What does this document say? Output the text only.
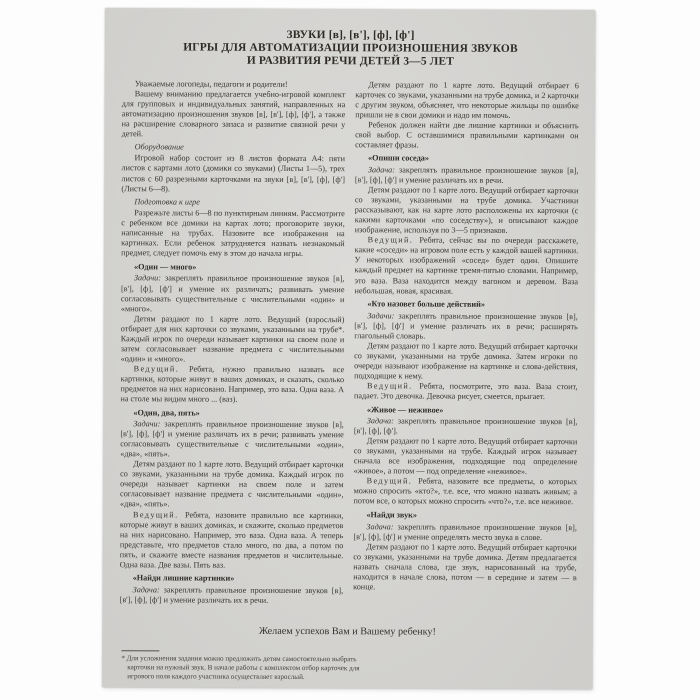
ЗВУКИ [в], [в'], [ф], [ф']
ИГРЫ ДЛЯ АВТОМАТИЗАЦИИ ПРОИЗНОШЕНИЯ ЗВУКОВ
И РАЗВИТИЯ РЕЧИ ДЕТЕЙ 3—5 ЛЕТ

Уважаемые логопеды, педагоги и родители!

Вашему вниманию предлагается учебно-игровой комплект для групповых и индивидуальных занятий, направленных на автоматизацию произношения звуков [в], [в'], [ф], [ф'], а также на расширение словарного запаса и развитие связной речи у детей.

Оборудование

Игровой набор состоит из 8 листов формата А4: пяти листов с картами лото (домики со звуками) (Листы 1—5), трех листов с 60 разрезными карточками на звуки [в], [в'], [ф], [ф'] (Листы 6—8).

Подготовка к игре

Разрежьте листы 6—8 по пунктирным линиям. Рассмотрите с ребенком все домики на картах лото; проговорите звуки, написанные на трубах. Назовите все изображения на картинках. Если ребенок затрудняется назвать незнакомый предмет, следует помочь ему в этом до начала игры.

«Один — много»

Задачи: закреплять правильное произношение звуков [в], [в'], [ф], [ф'] и умение их различать; развивать умение согласовывать существительные с числительными «один» и «много».

Детям раздают по 1 карте лото. Ведущий (взрослый) отбирает для них карточки со звуками, указанными на трубе*. Каждый игрок по очереди называет картинки на своем поле и затем согласовывает название предмета с числительными «один» и «много».

Ведущий. Ребята, нужно правильно назвать все картинки, которые живут в ваших домиках, и сказать, сколько предметов на них нарисовано. Например, это ваза. Одна ваза. А на столе мы видим много ... (ваз).

«Один, два, пять»

Задачи: закреплять правильное произношение звуков [в], [в'], [ф], [ф'] и умение различать их в речи; развивать умение согласовывать существительные с числительными «один», «два», «пять».

Детям раздают по 1 карте лото. Ведущий отбирает карточки со звуками, указанными на трубе домика. Каждый игрок по очереди называет картинки на своем поле и затем согласовывает название предмета с числительными «один», «два», «пять».

Ведущий. Ребята, назовите правильно все картинки, которые живут в ваших домиках, и скажите, сколько предметов на них нарисовано. Например, это ваза. Одна ваза. А теперь представьте, что предметов стало много, по два, а потом по пять, и скажите вместе названия предметов и числительные. Одна ваза. Две вазы. Пять ваз.

«Найди лишние картинки»

Задача: закреплять правильное произношение звуков [в], [в'], [ф], [ф'] и умение различать их в речи.

Детям раздают по 1 карте лото. Ведущий отбирает 6 карточек со звуками, указанными на трубе домика, и 2 карточки с другим звуком, объясняет, что некоторые жильцы по ошибке пришли не в свои домики и надо им помочь.

Ребенок должен найти две лишние картинки и объяснить свой выбор. С оставшимися правильными картинками он составляет фразы.

«Опиши соседа»

Задача: закреплять правильное произношение звуков [в], [в'], [ф], [ф'] и умение различать их в речи.

Детям раздают по 1 карте лото. Ведущий отбирает карточки со звуками, указанными на трубе домика. Участники рассказывают, как на карте лото расположены их карточки (с какими карточками «по соседству»), и описывают каждое изображение, используя по 3—5 признаков.

Ведущий. Ребята, сейчас вы по очереди расскажете, какие «соседи» на игровом поле есть у каждой вашей картинки. У некоторых изображений «сосед» будет один. Опишите каждый предмет на картинке тремя-пятью словами. Например, это ваза. Ваза находится между вагоном и деревом. Ваза небольшая, новая, красивая.

«Кто назовет больше действий»

Задачи: закреплять правильное произношение звуков [в], [в'], [ф], [ф'] и умение различать их в речи; расширять глагольный словарь.

Детям раздают по 1 карте лото. Ведущий отбирает карточки со звуками, указанными на трубе домика. Затем игроки по очереди называют изображение на картинке и слова-действия, подходящие к нему.

Ведущий. Ребята, посмотрите, это ваза. Ваза стоит, падает. Это девочка. Девочка рисует, смеется, прыгает.

«Живое — неживое»

Задача: закреплять правильное произношение звуков [в], [в'], [ф], [ф'].

Детям раздают по 1 карте лото. Ведущий отбирает карточки со звуками, указанными на трубе. Каждый игрок называет сначала все изображения, подходящие под определение «живое», а потом — под определение «неживое».

Ведущий. Ребята, назовите все предметы, о которых можно спросить «кто?», т.е. все, что можно назвать живым; а потом все, о которых можно спросить «что?», т.е. все неживое.

«Найди звук»

Задача: закреплять правильное произношение звуков [в], [в'], [ф], [ф'] и умение определять место звука в слове.

Детям раздают по 1 карте лото. Ведущий отбирает карточки со звуками, указанными на трубе домика. Детям предлагается назвать сначала слова, где звук, нарисованный на трубе, находится в начале слова, потом — в середине и затем — в конце.

Желаем успехов Вам и Вашему ребенку!
* Для усложнения задания можно предложить детям самостоятельно выбрать карточки на нужный звук. В начале работы с комплектом отбор карточек для игрового поля каждого участника осуществляет взрослый.
